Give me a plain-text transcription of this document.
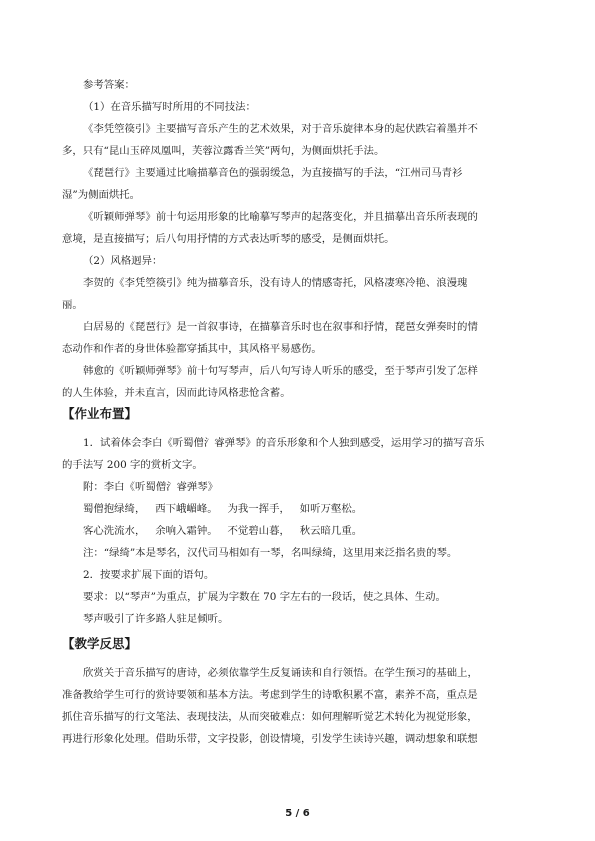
参考答案：

（1）在音乐描写时所用的不同技法：

《李凭箜篌引》主要描写音乐产生的艺术效果，对于音乐旋律本身的起伏跌宕着墨并不
多，只有“昆山玉碎凤凰叫，芙蓉泣露香兰笑”两句，为侧面烘托手法。

《琵琶行》主要通过比喻描摹音色的强弱缓急，为直接描写的手法，“江州司马青衫
湿”为侧面烘托。

《听颖师弹琴》前十句运用形象的比喻摹写琴声的起落变化，并且描摹出音乐所表现的
意境，是直接描写；后八句用抒情的方式表达听琴的感受，是侧面烘托。

（2）风格迥异：

李贺的《李凭箜篌引》纯为描摹音乐，没有诗人的情感寄托，风格凄寒冷艳、浪漫瑰
丽。

白居易的《琵琶行》是一首叙事诗，在描摹音乐时也在叙事和抒情，琵琶女弹奏时的情
态动作和作者的身世体验都穿插其中，其风格平易感伤。

韩愈的《听颖师弹琴》前十句写琴声，后八句写诗人听乐的感受，至于琴声引发了怎样
的人生体验，并未直言，因而此诗风格悲怆含蓄。

【作业布置】

1．试着体会李白《听蜀僧氵睿弹琴》的音乐形象和个人独到感受，运用学习的描写音乐
的手法写 200 字的赏析文字。

附：李白《听蜀僧氵睿弹琴》

蜀僧抱绿绮，   西下峨嵋峰。   为我一挥手，   如听万壑松。
客心洗流水，   余响入霜钟。   不觉碧山暮，   秋云暗几重。

注：“绿绮”本是琴名，汉代司马相如有一琴，名叫绿绮，这里用来泛指名贵的琴。

2．按要求扩展下面的语句。

要求：以“琴声”为重点，扩展为字数在 70 字左右的一段话，使之具体、生动。

琴声吸引了许多路人驻足倾听。

【教学反思】

欣赏关于音乐描写的唐诗，必须依靠学生反复诵读和自行领悟。在学生预习的基础上，
准备教给学生可行的赏诗要领和基本方法。考虑到学生的诗歌积累不富，素养不高，重点是
抓住音乐描写的行文笔法、表现技法，从而突破难点：如何理解听觉艺术转化为视觉形象，
再进行形象化处理。借助乐带，文字投影，创设情境，引发学生读诗兴趣，调动想象和联想

5 / 6
